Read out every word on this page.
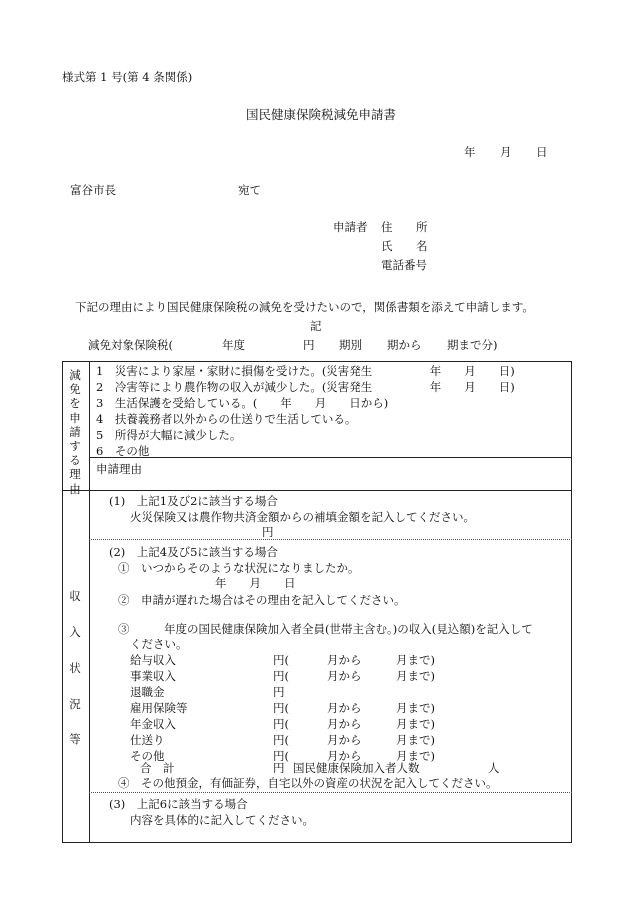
様式第 1 号(第 4 条関係)
国民健康保険税減免申請書
年 月 日
富谷市長	宛て
申請者 住 所
氏 名
電話番号
下記の理由により国民健康保険税の減免を受けたいので，関係書類を添えて申請します。
記
減免対象保険税(	年度	円 期別 期から 期まで分)
減免を申請する理由
1　災害により家屋・家財に損傷を受けた。(災害発生　　　　　年　　月　　日)
2　冷害等により農作物の収入が減少した。(災害発生　　　　　年　　月　　日)
3　生活保護を受給している。(　　年　　月　　日から)
4　扶養義務者以外からの仕送りで生活している。
5　所得が大幅に減少した。
6　その他
申請理由
収
入
状
況
等
(1)　上記1及び2に該当する場合
火災保険又は農作物共済金額からの補填金額を記入してください。
円
(2)　上記4及び5に該当する場合
①　いつからそのような状況になりましたか。
年　　月　　日
②　申請が遅れた場合はその理由を記入してください。
③　　　年度の国民健康保険加入者全員(世帯主含む。)の収入(見込額)を記入して
ください。
給与収入	円(	月から	月まで)
事業収入	円(	月から	月まで)
退職金	円
雇用保険等	円(	月から	月まで)
年金収入	円(	月から	月まで)
仕送り	円(	月から	月まで)
その他	円(	月から	月まで)
合　計	円 国民健康保険加入者人数	人
④　その他預金，有価証券，自宅以外の資産の状況を記入してください。
(3)　上記6に該当する場合
内容を具体的に記入してください。
